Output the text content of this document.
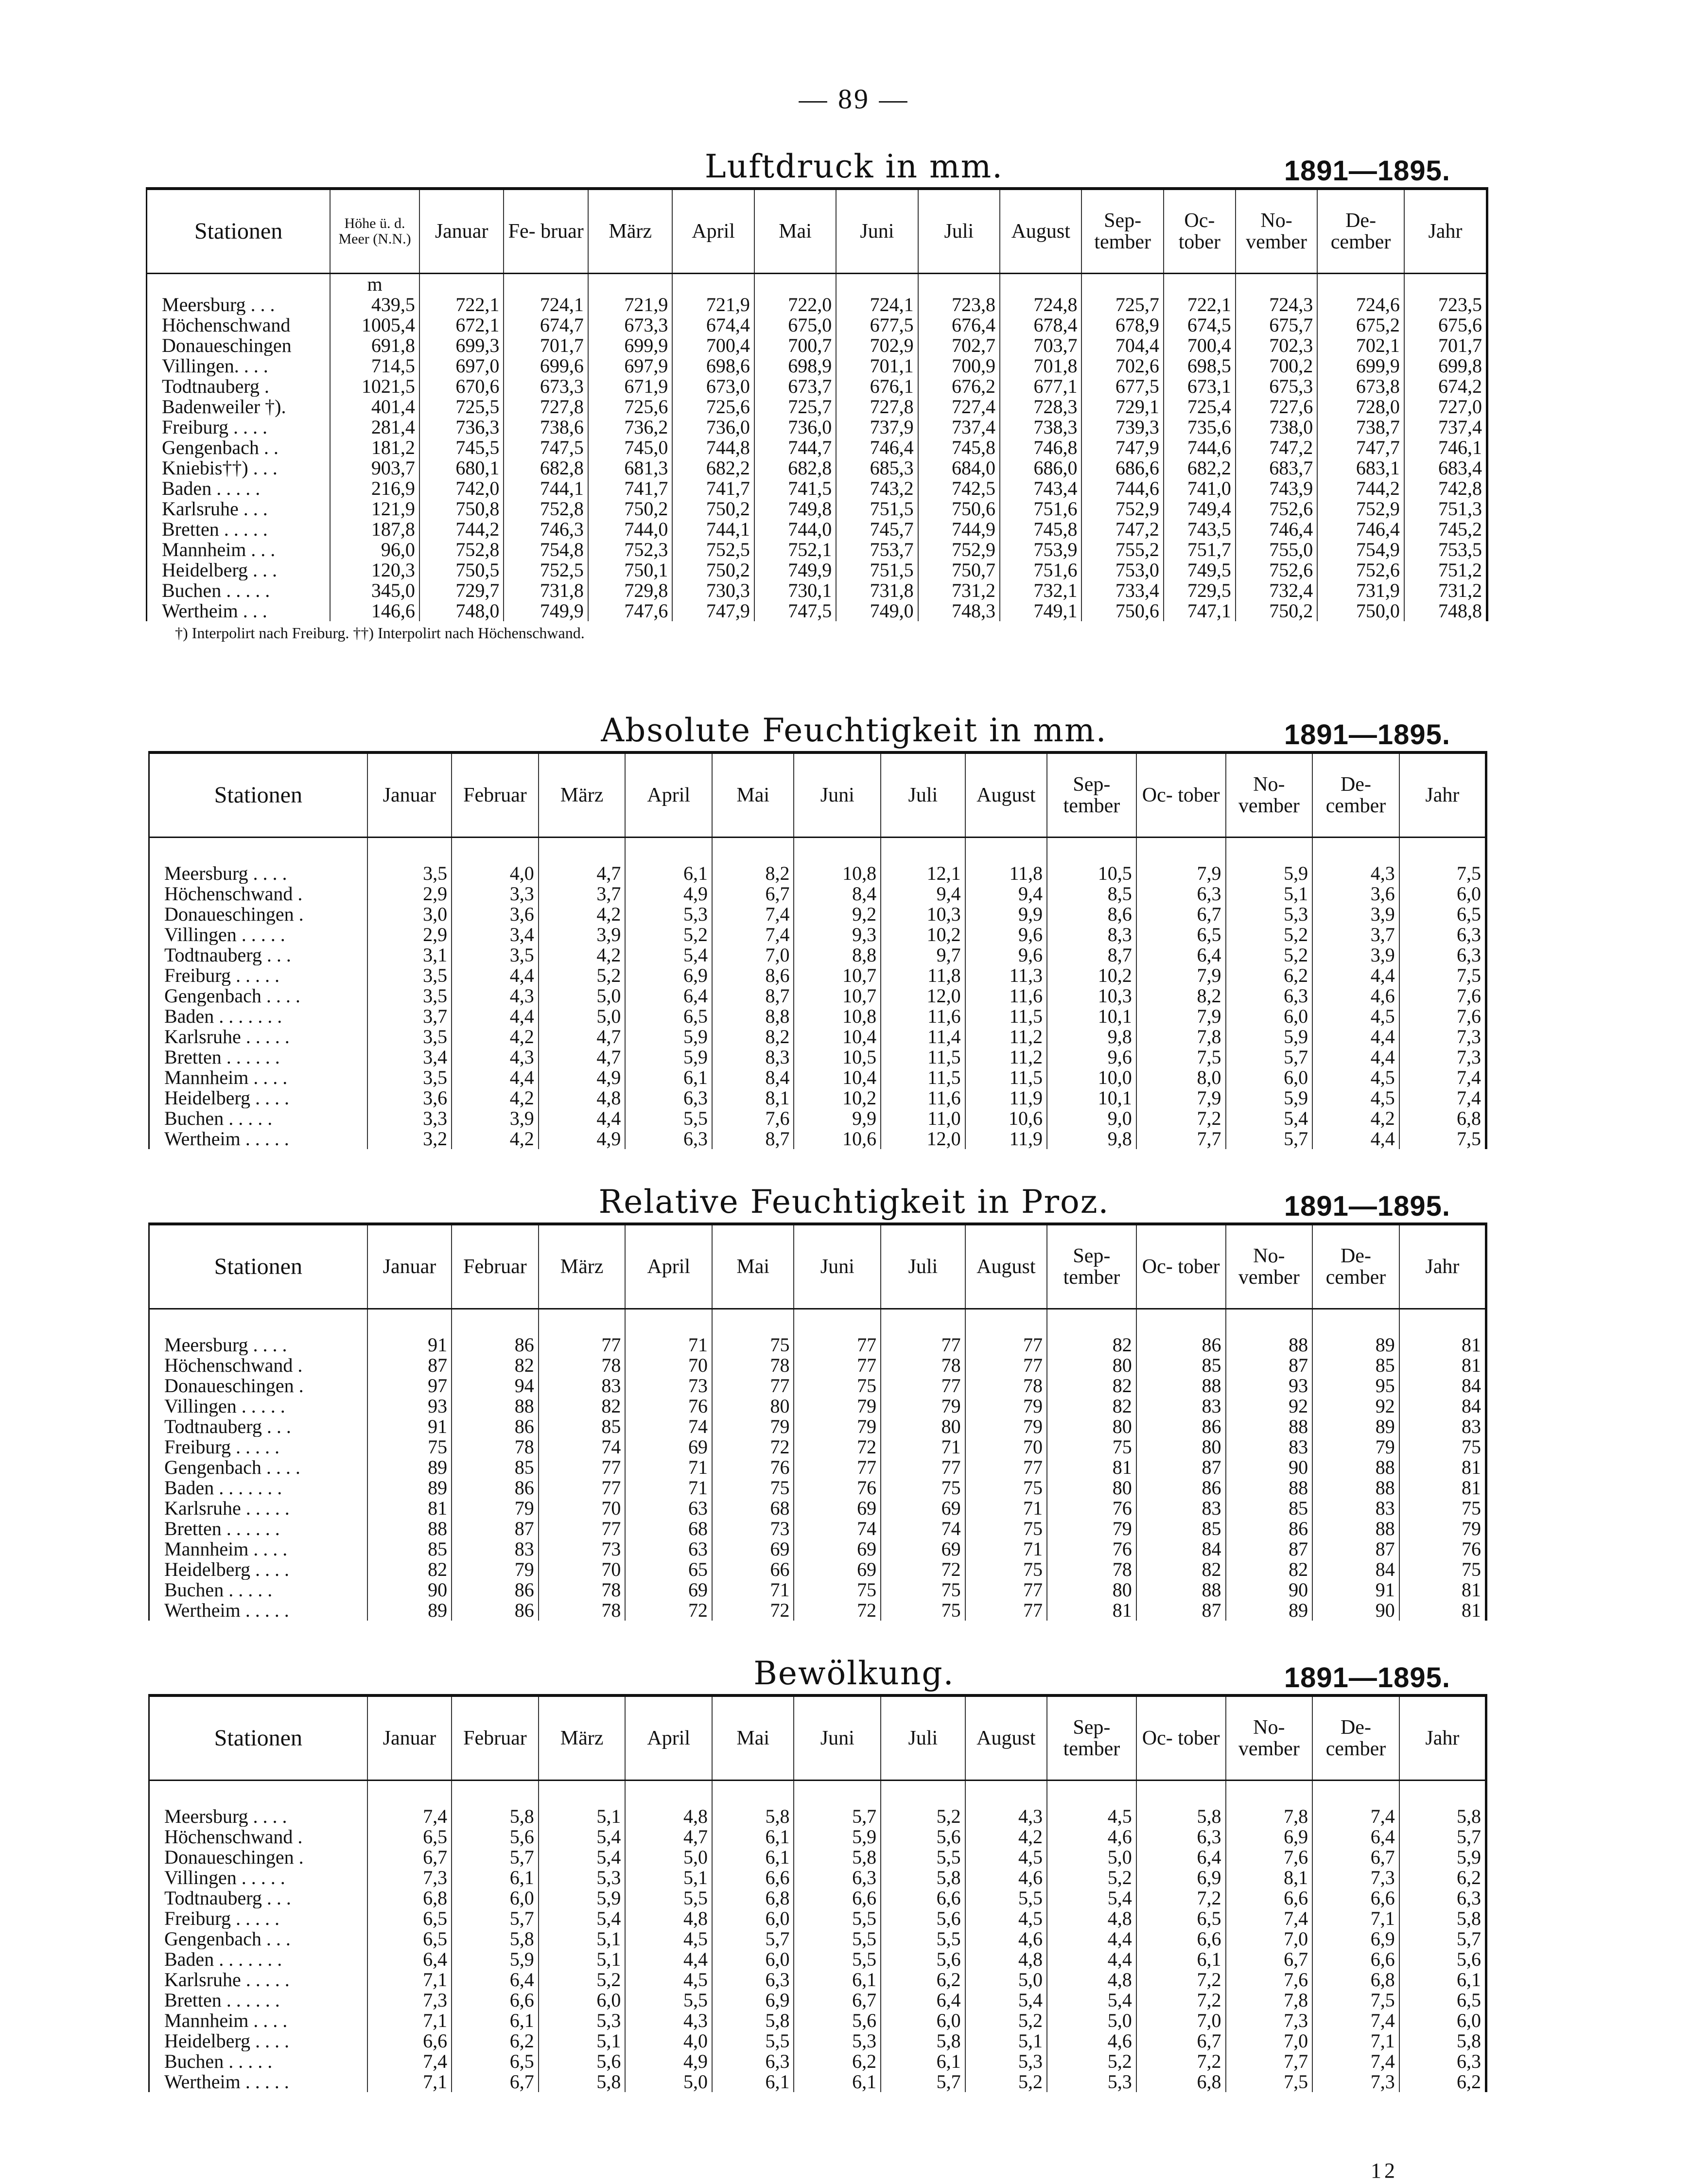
— 89 —
Luftdruck in mm.	1891—1895.
Stationen	Höhe ü. d. Meer (N.N.)	Januar	Fe- bruar	März	April	Mai	Juni	Juli	August	Sep- tember	Oc- tober	No- vember	De- cember	Jahr
	m													
Meersburg . . .	439,5	722,1	724,1	721,9	721,9	722,0	724,1	723,8	724,8	725,7	722,1	724,3	724,6	723,5
Höchenschwand	1005,4	672,1	674,7	673,3	674,4	675,0	677,5	676,4	678,4	678,9	674,5	675,7	675,2	675,6
Donaueschingen	691,8	699,3	701,7	699,9	700,4	700,7	702,9	702,7	703,7	704,4	700,4	702,3	702,1	701,7
Villingen. . . .	714,5	697,0	699,6	697,9	698,6	698,9	701,1	700,9	701,8	702,6	698,5	700,2	699,9	699,8
Todtnauberg .	1021,5	670,6	673,3	671,9	673,0	673,7	676,1	676,2	677,1	677,5	673,1	675,3	673,8	674,2
Badenweiler †).	401,4	725,5	727,8	725,6	725,6	725,7	727,8	727,4	728,3	729,1	725,4	727,6	728,0	727,0
Freiburg . . . .	281,4	736,3	738,6	736,2	736,0	736,0	737,9	737,4	738,3	739,3	735,6	738,0	738,7	737,4
Gengenbach . .	181,2	745,5	747,5	745,0	744,8	744,7	746,4	745,8	746,8	747,9	744,6	747,2	747,7	746,1
Kniebis††) . . .	903,7	680,1	682,8	681,3	682,2	682,8	685,3	684,0	686,0	686,6	682,2	683,7	683,1	683,4
Baden . . . . .	216,9	742,0	744,1	741,7	741,7	741,5	743,2	742,5	743,4	744,6	741,0	743,9	744,2	742,8
Karlsruhe . . .	121,9	750,8	752,8	750,2	750,2	749,8	751,5	750,6	751,6	752,9	749,4	752,6	752,9	751,3
Bretten . . . . .	187,8	744,2	746,3	744,0	744,1	744,0	745,7	744,9	745,8	747,2	743,5	746,4	746,4	745,2
Mannheim . . .	96,0	752,8	754,8	752,3	752,5	752,1	753,7	752,9	753,9	755,2	751,7	755,0	754,9	753,5
Heidelberg . . .	120,3	750,5	752,5	750,1	750,2	749,9	751,5	750,7	751,6	753,0	749,5	752,6	752,6	751,2
Buchen . . . . .	345,0	729,7	731,8	729,8	730,3	730,1	731,8	731,2	732,1	733,4	729,5	732,4	731,9	731,2
Wertheim . . .	146,6	748,0	749,9	747,6	747,9	747,5	749,0	748,3	749,1	750,6	747,1	750,2	750,0	748,8
†) Interpolirt nach Freiburg. ††) Interpolirt nach Höchenschwand.
Absolute Feuchtigkeit in mm.	1891—1895.
Stationen	Januar	Februar	März	April	Mai	Juni	Juli	August	Sep- tember	Oc- tober	No- vember	De- cember	Jahr

Meersburg . . . .	3,5	4,0	4,7	6,1	8,2	10,8	12,1	11,8	10,5	7,9	5,9	4,3	7,5
Höchenschwand .	2,9	3,3	3,7	4,9	6,7	8,4	9,4	9,4	8,5	6,3	5,1	3,6	6,0
Donaueschingen .	3,0	3,6	4,2	5,3	7,4	9,2	10,3	9,9	8,6	6,7	5,3	3,9	6,5
Villingen . . . . .	2,9	3,4	3,9	5,2	7,4	9,3	10,2	9,6	8,3	6,5	5,2	3,7	6,3
Todtnauberg . . .	3,1	3,5	4,2	5,4	7,0	8,8	9,7	9,6	8,7	6,4	5,2	3,9	6,3
Freiburg . . . . .	3,5	4,4	5,2	6,9	8,6	10,7	11,8	11,3	10,2	7,9	6,2	4,4	7,5
Gengenbach . . . .	3,5	4,3	5,0	6,4	8,7	10,7	12,0	11,6	10,3	8,2	6,3	4,6	7,6
Baden . . . . . . .	3,7	4,4	5,0	6,5	8,8	10,8	11,6	11,5	10,1	7,9	6,0	4,5	7,6
Karlsruhe . . . . .	3,5	4,2	4,7	5,9	8,2	10,4	11,4	11,2	9,8	7,8	5,9	4,4	7,3
Bretten . . . . . .	3,4	4,3	4,7	5,9	8,3	10,5	11,5	11,2	9,6	7,5	5,7	4,4	7,3
Mannheim . . . .	3,5	4,4	4,9	6,1	8,4	10,4	11,5	11,5	10,0	8,0	6,0	4,5	7,4
Heidelberg . . . .	3,6	4,2	4,8	6,3	8,1	10,2	11,6	11,9	10,1	7,9	5,9	4,5	7,4
Buchen . . . . .	3,3	3,9	4,4	5,5	7,6	9,9	11,0	10,6	9,0	7,2	5,4	4,2	6,8
Wertheim . . . . .	3,2	4,2	4,9	6,3	8,7	10,6	12,0	11,9	9,8	7,7	5,7	4,4	7,5
Relative Feuchtigkeit in Proz.	1891—1895.
Stationen	Januar	Februar	März	April	Mai	Juni	Juli	August	Sep- tember	Oc- tober	No- vember	De- cember	Jahr

Meersburg . . . .	91	86	77	71	75	77	77	77	82	86	88	89	81
Höchenschwand .	87	82	78	70	78	77	78	77	80	85	87	85	81
Donaueschingen .	97	94	83	73	77	75	77	78	82	88	93	95	84
Villingen . . . . .	93	88	82	76	80	79	79	79	82	83	92	92	84
Todtnauberg . . .	91	86	85	74	79	79	80	79	80	86	88	89	83
Freiburg . . . . .	75	78	74	69	72	72	71	70	75	80	83	79	75
Gengenbach . . . .	89	85	77	71	76	77	77	77	81	87	90	88	81
Baden . . . . . . .	89	86	77	71	75	76	75	75	80	86	88	88	81
Karlsruhe . . . . .	81	79	70	63	68	69	69	71	76	83	85	83	75
Bretten . . . . . .	88	87	77	68	73	74	74	75	79	85	86	88	79
Mannheim . . . .	85	83	73	63	69	69	69	71	76	84	87	87	76
Heidelberg . . . .	82	79	70	65	66	69	72	75	78	82	82	84	75
Buchen . . . . .	90	86	78	69	71	75	75	77	80	88	90	91	81
Wertheim . . . . .	89	86	78	72	72	72	75	77	81	87	89	90	81
Bewölkung.	1891—1895.
Stationen	Januar	Februar	März	April	Mai	Juni	Juli	August	Sep- tember	Oc- tober	No- vember	De- cember	Jahr

Meersburg . . . .	7,4	5,8	5,1	4,8	5,8	5,7	5,2	4,3	4,5	5,8	7,8	7,4	5,8
Höchenschwand .	6,5	5,6	5,4	4,7	6,1	5,9	5,6	4,2	4,6	6,3	6,9	6,4	5,7
Donaueschingen .	6,7	5,7	5,4	5,0	6,1	5,8	5,5	4,5	5,0	6,4	7,6	6,7	5,9
Villingen . . . . .	7,3	6,1	5,3	5,1	6,6	6,3	5,8	4,6	5,2	6,9	8,1	7,3	6,2
Todtnauberg . . .	6,8	6,0	5,9	5,5	6,8	6,6	6,6	5,5	5,4	7,2	6,6	6,6	6,3
Freiburg . . . . .	6,5	5,7	5,4	4,8	6,0	5,5	5,6	4,5	4,8	6,5	7,4	7,1	5,8
Gengenbach . . .	6,5	5,8	5,1	4,5	5,7	5,5	5,5	4,6	4,4	6,6	7,0	6,9	5,7
Baden . . . . . . .	6,4	5,9	5,1	4,4	6,0	5,5	5,6	4,8	4,4	6,1	6,7	6,6	5,6
Karlsruhe . . . . .	7,1	6,4	5,2	4,5	6,3	6,1	6,2	5,0	4,8	7,2	7,6	6,8	6,1
Bretten . . . . . .	7,3	6,6	6,0	5,5	6,9	6,7	6,4	5,4	5,4	7,2	7,8	7,5	6,5
Mannheim . . . .	7,1	6,1	5,3	4,3	5,8	5,6	6,0	5,2	5,0	7,0	7,3	7,4	6,0
Heidelberg . . . .	6,6	6,2	5,1	4,0	5,5	5,3	5,8	5,1	4,6	6,7	7,0	7,1	5,8
Buchen . . . . .	7,4	6,5	5,6	4,9	6,3	6,2	6,1	5,3	5,2	7,2	7,7	7,4	6,3
Wertheim . . . . .	7,1	6,7	5,8	5,0	6,1	6,1	5,7	5,2	5,3	6,8	7,5	7,3	6,2
12
